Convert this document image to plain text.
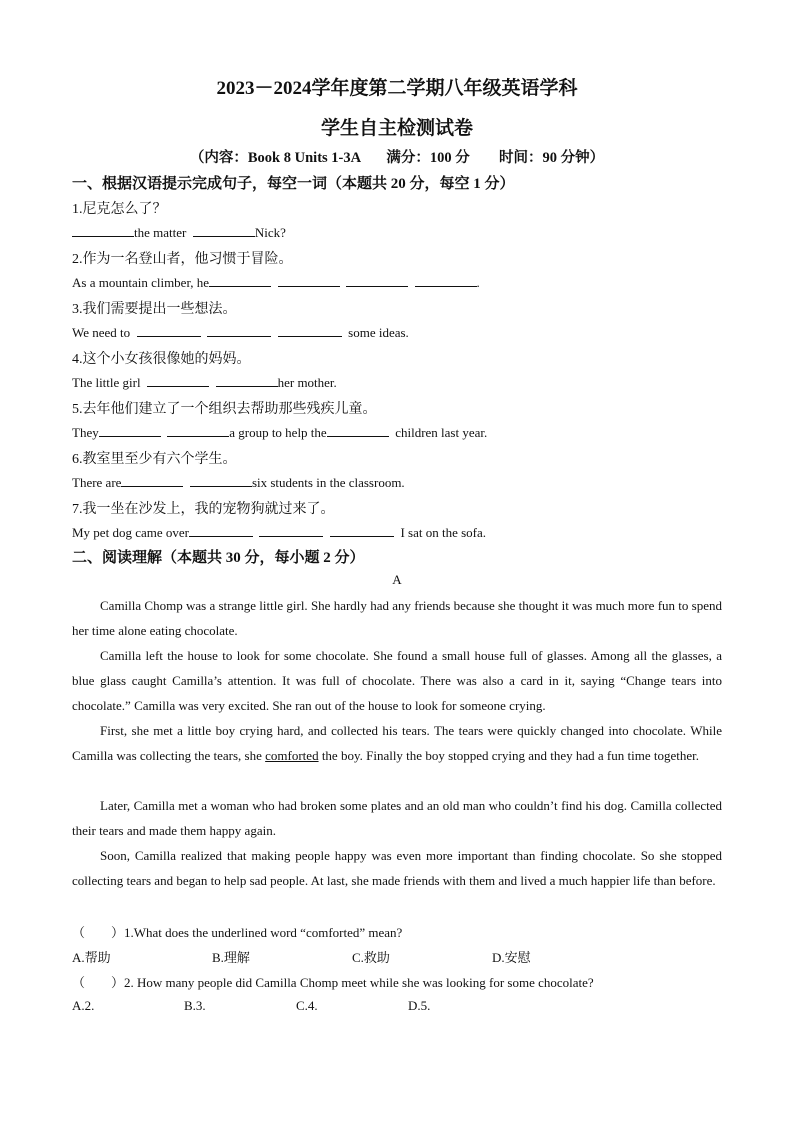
2023－2024学年度第二学期八年级英语学科
学生自主检测试卷
（内容：Book 8 Units 1-3A 满分：100 分 时间：90 分钟）
一、根据汉语提示完成句子，每空一词（本题共 20 分，每空 1 分）
1.尼克怎么了？
the matter	Nick?
2.作为一名登山者，他习惯于冒险。
As a mountain climber, he	.
3.我们需要提出一些想法。
We need to	some ideas.
4.这个小女孩很像她的妈妈。
The little girl	her mother.
5.去年他们建立了一个组织去帮助那些残疾儿童。
They	a group to help the	children last year.
6.教室里至少有六个学生。
There are	six students in the classroom.
7.我一坐在沙发上，我的宠物狗就过来了。
My pet dog came over	I sat on the sofa.
二、阅读理解（本题共 30 分，每小题 2 分）
A

Camilla Chomp was a strange little girl. She hardly had any friends because she thought it was much more fun to spend her time alone eating chocolate.

Camilla left the house to look for some chocolate. She found a small house full of glasses. Among all the glasses, a blue glass caught Camilla’s attention. It was full of chocolate. There was also a card in it, saying “Change tears into chocolate.” Camilla was very excited. She ran out of the house to look for someone crying.

First, she met a little boy crying hard, and collected his tears. The tears were quickly changed into chocolate. While Camilla was collecting the tears, she comforted the boy. Finally the boy stopped crying and they had a fun time together.

Later, Camilla met a woman who had broken some plates and an old man who couldn’t find his dog. Camilla collected their tears and made them happy again.

Soon, Camilla realized that making people happy was even more important than finding chocolate. So she stopped collecting tears and began to help sad people. At last, she made friends with them and lived a much happier life than before.

（　　）1.What does the underlined word “comforted” mean?
A.帮助	B.理解	C.救助	D.安慰
（　　）2. How many people did Camilla Chomp meet while she was looking for some chocolate?
A.2.	B.3.	C.4.	D.5.
